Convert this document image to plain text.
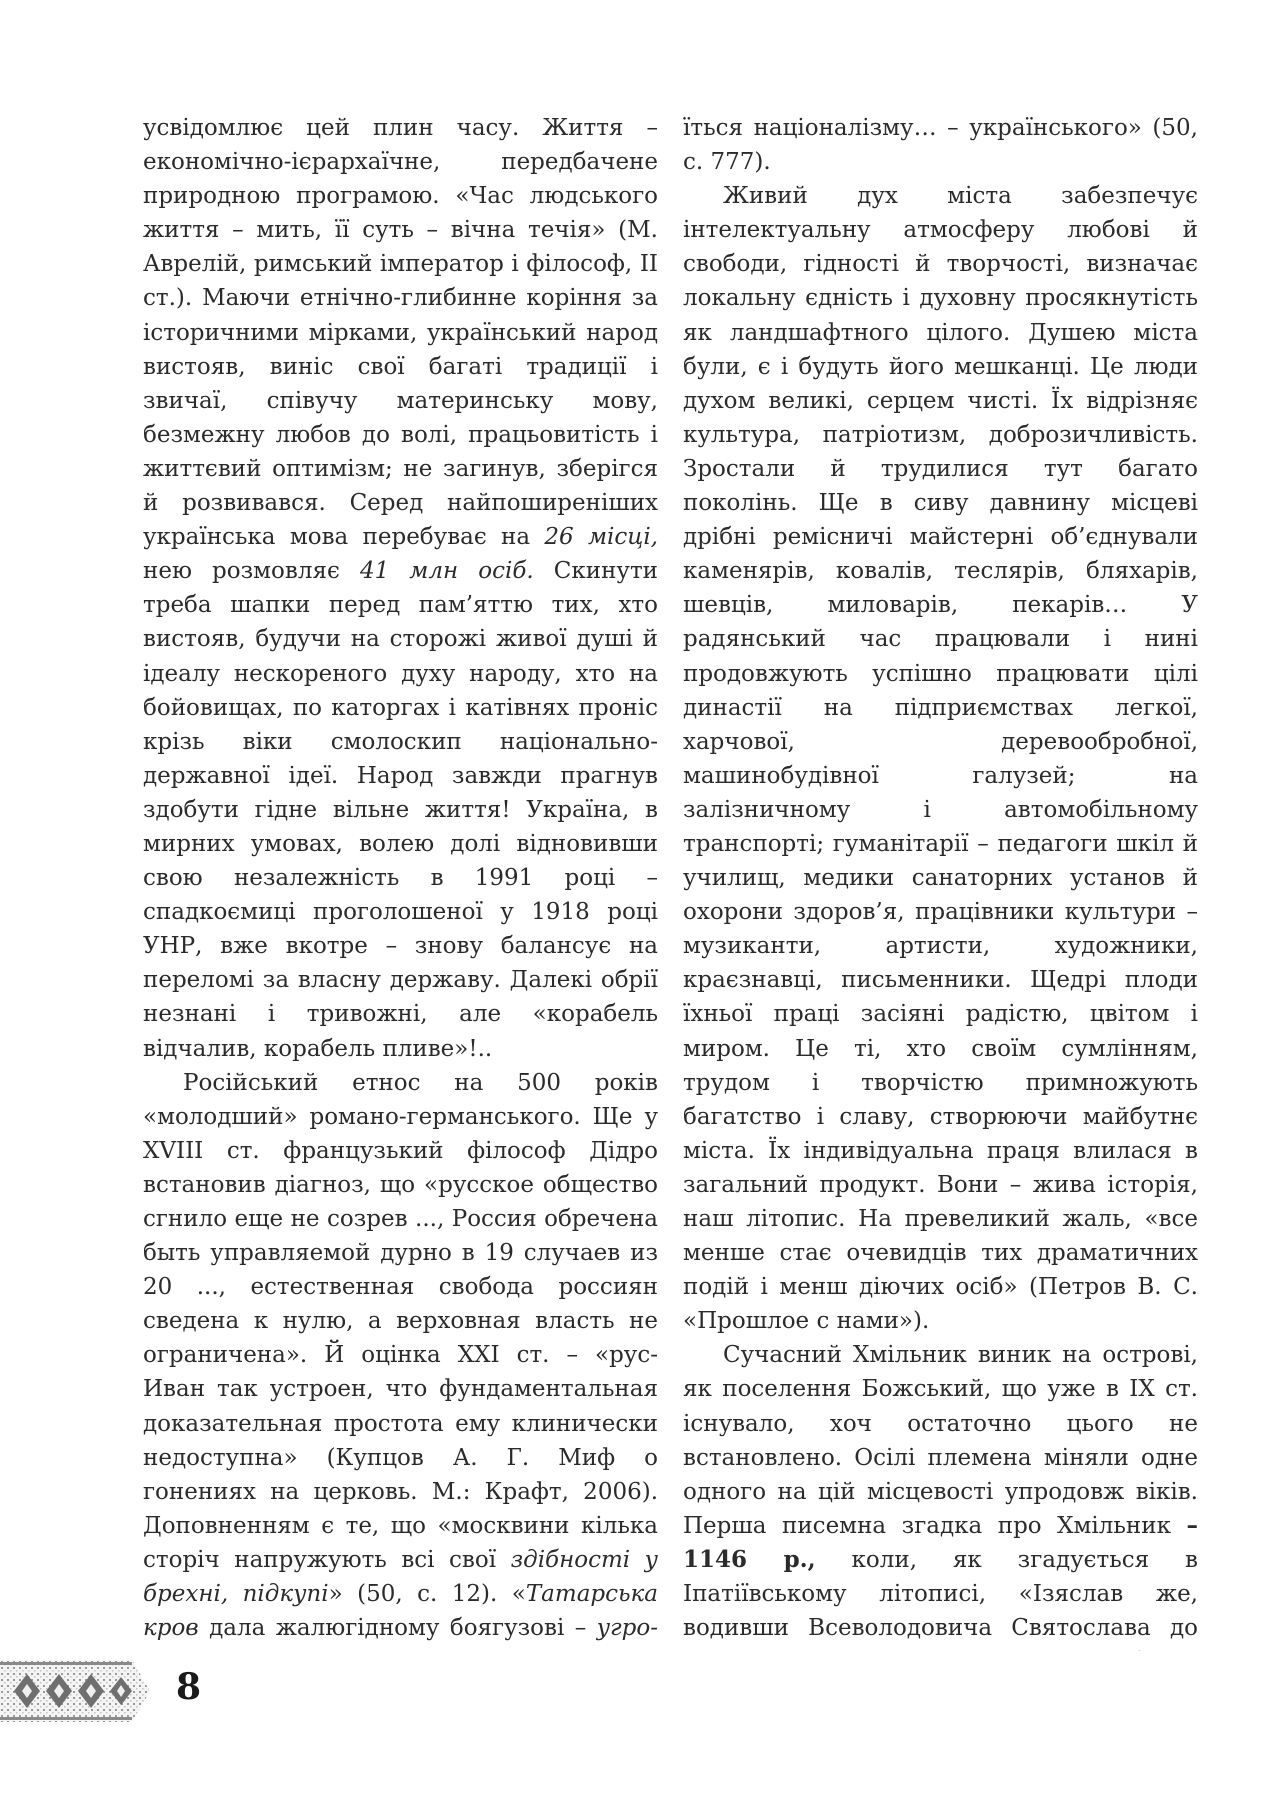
усвідомлює цей плин часу. Життя – економічно-ієрархаїчне, передбачене природною програмою. «Час людського життя – мить, її суть – вічна течія» (М. Аврелій, римський імператор і філософ, II ст.). Маючи етнічно-глибинне коріння за історичними мірками, український народ вистояв, виніс свої багаті традиції і звичаї, співучу материнську мову, безмежну любов до волі, працьовитість і життєвий оптимізм; не загинув, зберігся й розвивався. Серед найпоширеніших українська мова перебуває на 26 місці, нею розмовляє 41 млн осіб. Скинути треба шапки перед пам’яттю тих, хто вистояв, будучи на сторожі живої душі й ідеалу нескореного духу народу, хто на бойовищах, по каторгах і катівнях проніс крізь віки смолоскип національно-державної ідеї. Народ завжди прагнув здобути гідне вільне життя! Україна, в мирних умовах, волею долі відновивши свою незалежність в 1991 році – спадкоємиці проголошеної у 1918 році УНР, вже вкотре – знову балансує на переломі за власну державу. Далекі обрії незнані і тривожні, але «корабель відчалив, корабель пливе»!..

Російський етнос на 500 років «молодший» романо-германського. Ще у XVIII ст. французький філософ Дідро встановив діагноз, що «русское общество сгнило еще не созрев ..., Россия обречена быть управляемой дурно в 19 случаев из 20 ..., естественная свобода россиян сведена к нулю, а верховная власть не ограничена». Й оцінка XXI ст. – «рус-Иван так устроен, что фундаментальная доказательная простота ему клинически недоступна» (Купцов А. Г. Миф о гонениях на церковь. М.: Крафт, 2006). Доповненням є те, що «москвини кілька сторіч напружують всі свої здібності у брехні, підкупі» (50, с. 12). «Татарська кров дала жалюгідному боягузові – угро-

їться націоналізму… – українського» (50, с. 777).

Живий дух міста забезпечує інтелектуальну атмосферу любові й свободи, гідності й творчості, визначає локальну єдність і духовну просякнутість як ландшафтного цілого. Душею міста були, є і будуть його мешканці. Це люди духом великі, серцем чисті. Їх відрізняє культура, патріотизм, доброзичливість. Зростали й трудилися тут багато поколінь. Ще в сиву давнину місцеві дрібні ремісничі майстерні об’єднували каменярів, ковалів, теслярів, бляхарів, шевців, миловарів, пекарів… У радянський час працювали і нині продовжують успішно працювати цілі династії на підприємствах легкої, харчової, деревообробної, машинобудівної галузей; на залізничному і автомобільному транспорті; гуманітарії – педагоги шкіл й училищ, медики санаторних установ й охорони здоров’я, працівники культури – музиканти, артисти, художники, краєзнавці, письменники. Щедрі плоди їхньої праці засіяні радістю, цвітом і миром. Це ті, хто своїм сумлінням, трудом і творчістю примножують багатство і славу, створюючи майбутнє міста. Їх індивідуальна праця влилася в загальний продукт. Вони – жива історія, наш літопис. На превеликий жаль, «все менше стає очевидців тих драматичних подій і менш діючих осіб» (Петров В. С. «Прошлое с нами»).

Сучасний Хмільник виник на острові, як поселення Божський, що уже в IX ст. існувало, хоч остаточно цього не встановлено. Осілі племена міняли одне одного на цій місцевості упродовж віків. Перша писемна згадка про Хмільник – 1146 р., коли, як згадується в Іпатіївському літописі, «Ізяслав же, водивши Всеволодовича Святослава до

8
